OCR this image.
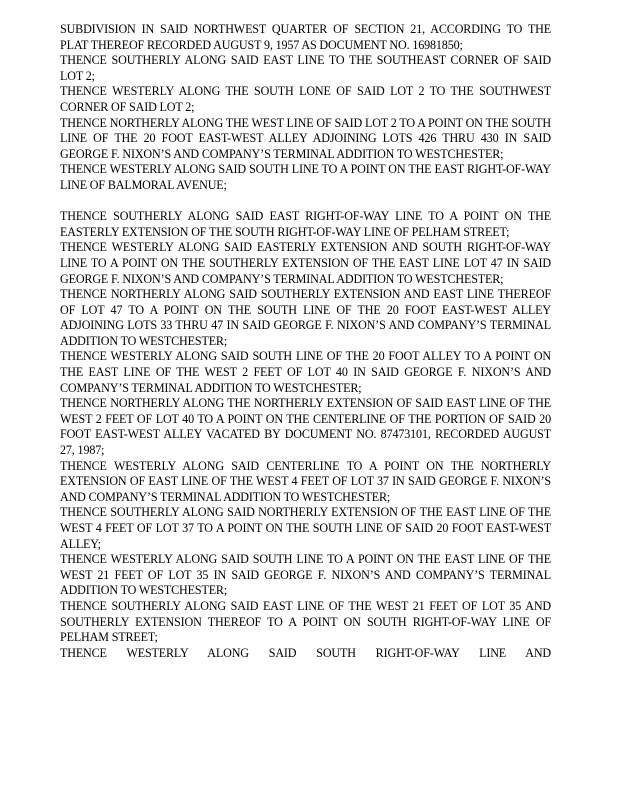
SUBDIVISION IN SAID NORTHWEST QUARTER OF SECTION 21, ACCORDING TO THE PLAT THEREOF RECORDED AUGUST 9, 1957 AS DOCUMENT NO. 16981850;

THENCE SOUTHERLY ALONG SAID EAST LINE TO THE SOUTHEAST CORNER OF SAID LOT 2;

THENCE WESTERLY ALONG THE SOUTH LONE OF SAID LOT 2 TO THE SOUTHWEST CORNER OF SAID LOT 2;

THENCE NORTHERLY ALONG THE WEST LINE OF SAID LOT 2 TO A POINT ON THE SOUTH LINE OF THE 20 FOOT EAST-WEST ALLEY ADJOINING LOTS 426 THRU 430 IN SAID GEORGE F. NIXON’S AND COMPANY’S TERMINAL ADDITION TO WESTCHESTER;

THENCE WESTERLY ALONG SAID SOUTH LINE TO A POINT ON THE EAST RIGHT-OF-WAY LINE OF BALMORAL AVENUE;

THENCE SOUTHERLY ALONG SAID EAST RIGHT-OF-WAY LINE TO A POINT ON THE EASTERLY EXTENSION OF THE SOUTH RIGHT-OF-WAY LINE OF PELHAM STREET;

THENCE WESTERLY ALONG SAID EASTERLY EXTENSION AND SOUTH RIGHT-OF-WAY LINE TO A POINT ON THE SOUTHERLY EXTENSION OF THE EAST LINE LOT 47 IN SAID GEORGE F. NIXON’S AND COMPANY’S TERMINAL ADDITION TO WESTCHESTER;

THENCE NORTHERLY ALONG SAID SOUTHERLY EXTENSION AND EAST LINE THEREOF OF LOT 47 TO A POINT ON THE SOUTH LINE OF THE 20 FOOT EAST-WEST ALLEY ADJOINING LOTS 33 THRU 47 IN SAID GEORGE F. NIXON’S AND COMPANY’S TERMINAL ADDITION TO WESTCHESTER;

THENCE WESTERLY ALONG SAID SOUTH LINE OF THE 20 FOOT ALLEY TO A POINT ON THE EAST LINE OF THE WEST 2 FEET OF LOT 40 IN SAID GEORGE F. NIXON’S AND COMPANY’S TERMINAL ADDITION TO WESTCHESTER;

THENCE NORTHERLY ALONG THE NORTHERLY EXTENSION OF SAID EAST LINE OF THE WEST 2 FEET OF LOT 40 TO A POINT ON THE CENTERLINE OF THE PORTION OF SAID 20 FOOT EAST-WEST ALLEY VACATED BY DOCUMENT NO. 87473101, RECORDED AUGUST 27, 1987;

THENCE WESTERLY ALONG SAID CENTERLINE TO A POINT ON THE NORTHERLY EXTENSION OF EAST LINE OF THE WEST 4 FEET OF LOT 37 IN SAID GEORGE F. NIXON’S AND COMPANY’S TERMINAL ADDITION TO WESTCHESTER;

THENCE SOUTHERLY ALONG SAID NORTHERLY EXTENSION OF THE EAST LINE OF THE WEST 4 FEET OF LOT 37 TO A POINT ON THE SOUTH LINE OF SAID 20 FOOT EAST-WEST ALLEY;

THENCE WESTERLY ALONG SAID SOUTH LINE TO A POINT ON THE EAST LINE OF THE WEST 21 FEET OF LOT 35 IN SAID GEORGE F. NIXON’S AND COMPANY’S TERMINAL ADDITION TO WESTCHESTER;

THENCE SOUTHERLY ALONG SAID EAST LINE OF THE WEST 21 FEET OF LOT 35 AND SOUTHERLY EXTENSION THEREOF TO A POINT ON SOUTH RIGHT-OF-WAY LINE OF PELHAM STREET;

THENCE WESTERLY ALONG SAID SOUTH RIGHT-OF-WAY LINE AND
